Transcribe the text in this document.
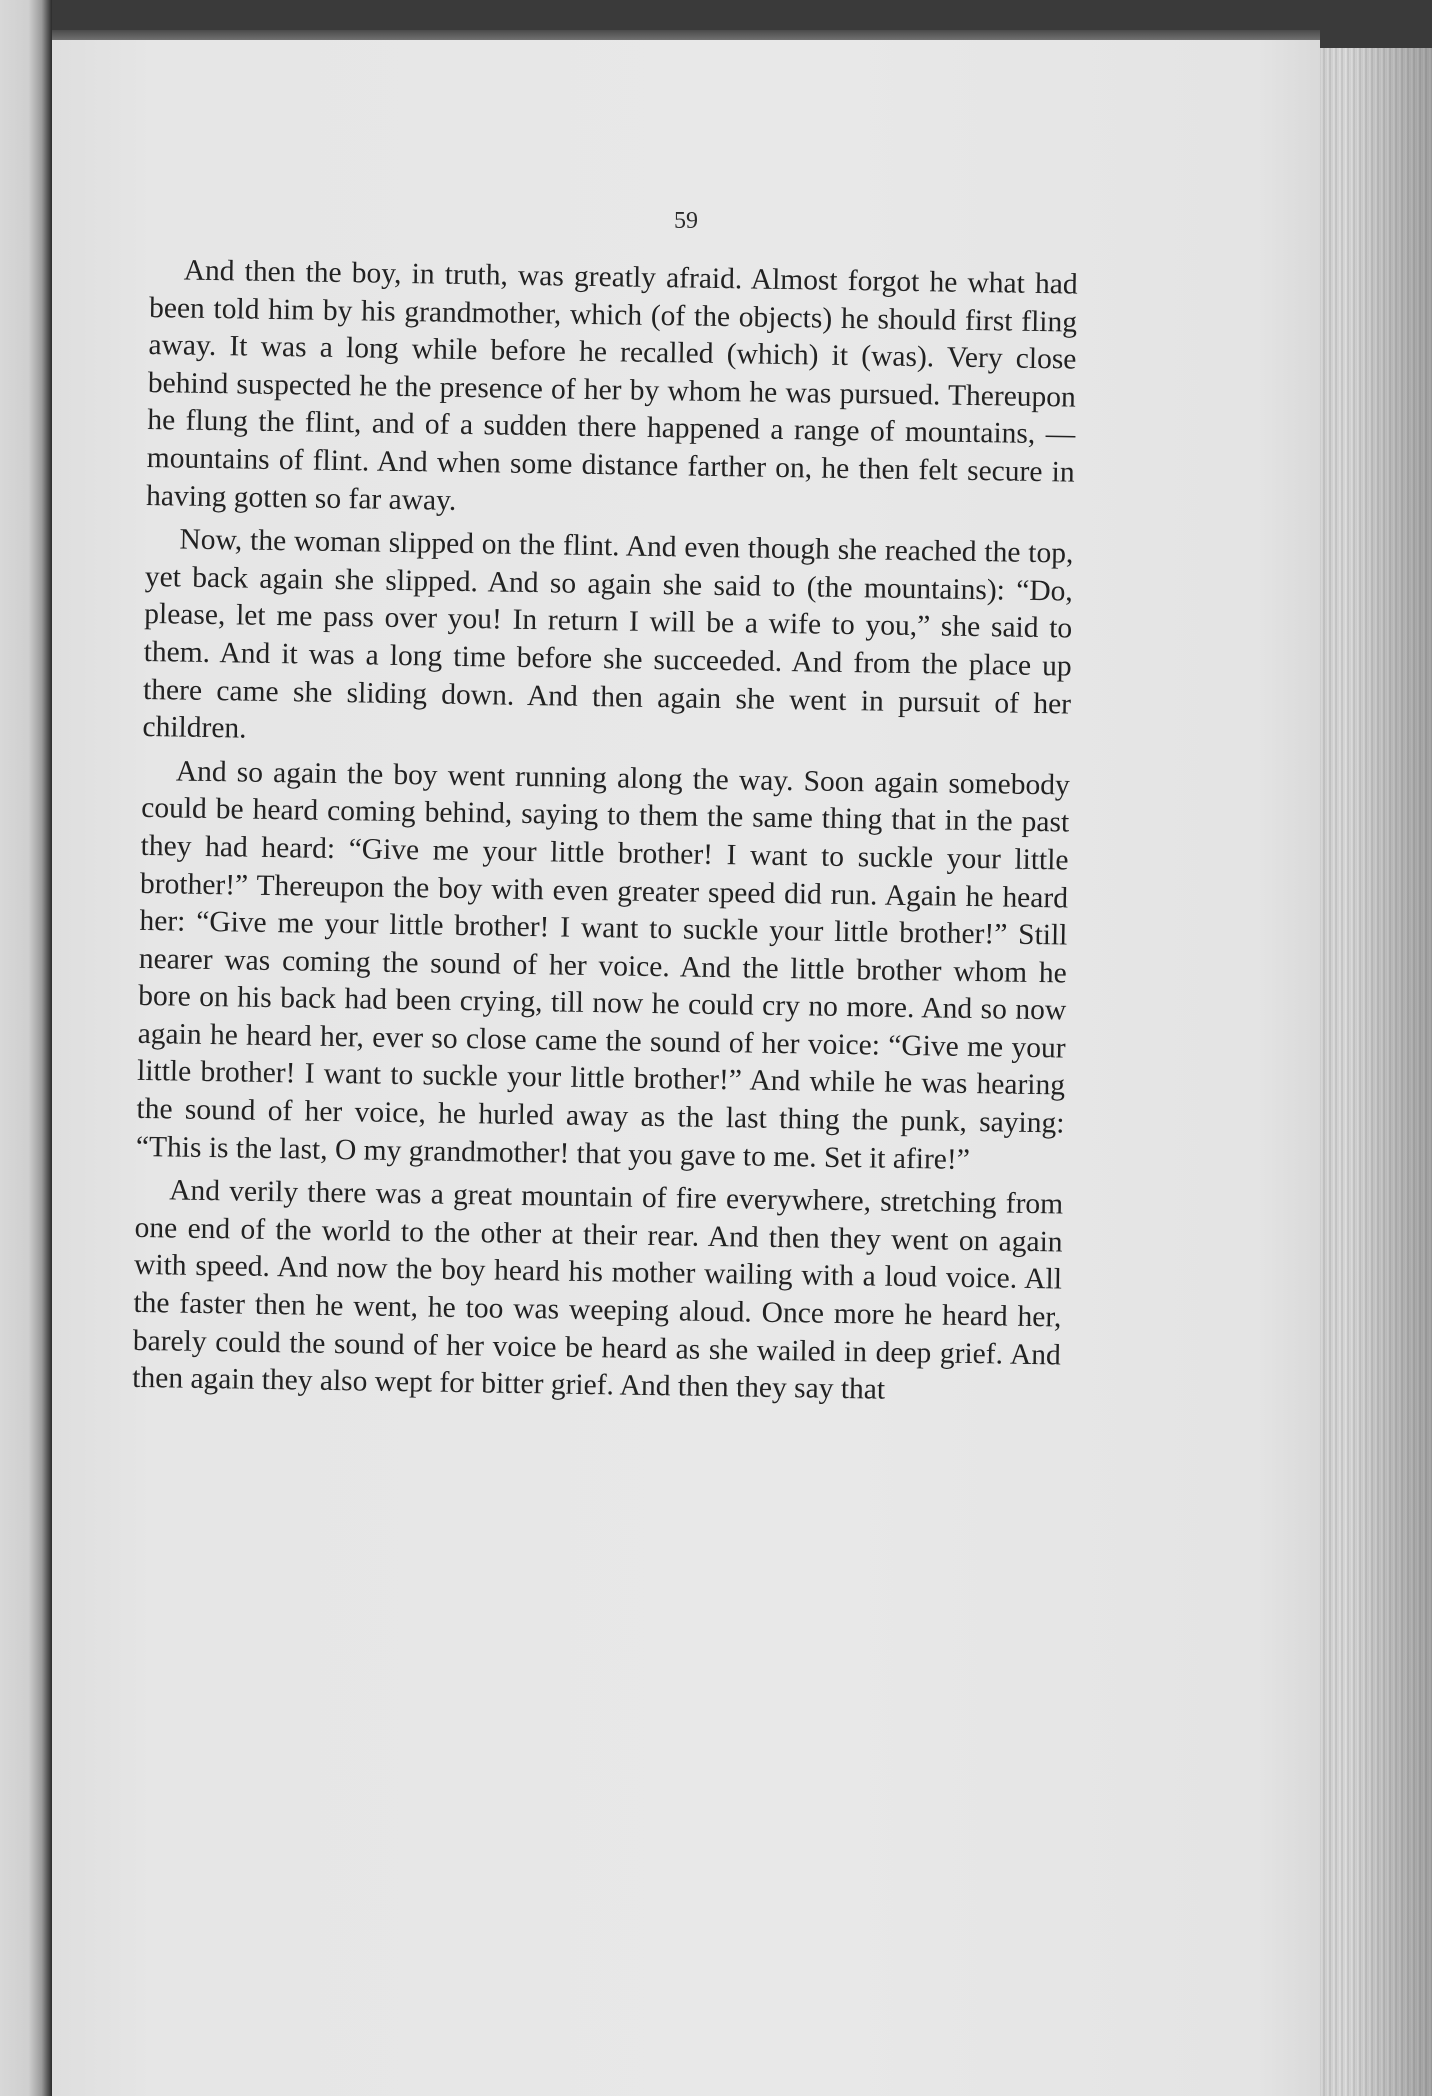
59

And then the boy, in truth, was greatly afraid. Almost forgot he what had been told him by his grandmother, which (of the objects) he should first fling away. It was a long while before he recalled (which) it (was). Very close behind suspected he the presence of her by whom he was pursued. Thereupon he flung the flint, and of a sudden there happened a range of mountains, — mountains of flint. And when some distance farther on, he then felt secure in having gotten so far away.

Now, the woman slipped on the flint. And even though she reached the top, yet back again she slipped. And so again she said to (the mountains): “Do, please, let me pass over you! In return I will be a wife to you,” she said to them. And it was a long time before she succeeded. And from the place up there came she sliding down. And then again she went in pursuit of her children.

And so again the boy went running along the way. Soon again somebody could be heard coming behind, saying to them the same thing that in the past they had heard: “Give me your little brother! I want to suckle your little brother!” Thereupon the boy with even greater speed did run. Again he heard her: “Give me your little brother! I want to suckle your little brother!” Still nearer was coming the sound of her voice. And the little brother whom he bore on his back had been crying, till now he could cry no more. And so now again he heard her, ever so close came the sound of her voice: “Give me your little brother! I want to suckle your little brother!” And while he was hearing the sound of her voice, he hurled away as the last thing the punk, saying: “This is the last, O my grandmother! that you gave to me. Set it afire!”

And verily there was a great mountain of fire everywhere, stretching from one end of the world to the other at their rear. And then they went on again with speed. And now the boy heard his mother wailing with a loud voice. All the faster then he went, he too was weeping aloud. Once more he heard her, barely could the sound of her voice be heard as she wailed in deep grief. And then again they also wept for bitter grief. And then they say that
